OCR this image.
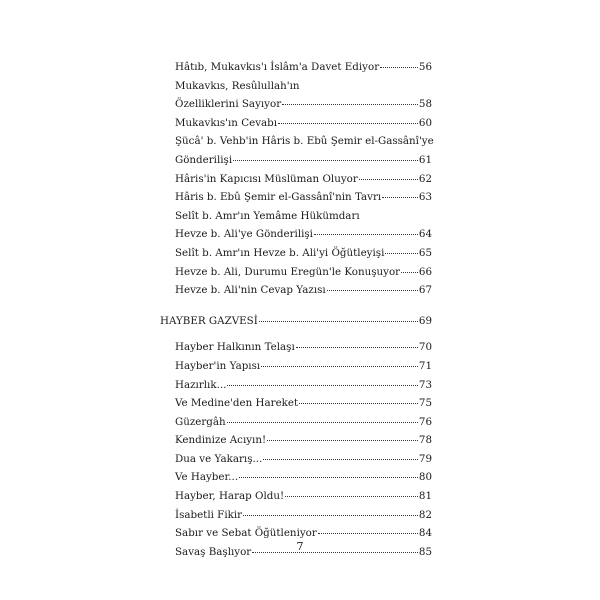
Hâtıb, Mukavkıs'ı İslâm'a Davet Ediyor	56
Mukavkıs, Resûlullah'ın
Özelliklerini Sayıyor	58
Mukavkıs'ın Cevabı	60
Şücâ' b. Vehb'in Hâris b. Ebû Şemir el-Gassânî'ye
Gönderilişi	61
Hâris'in Kapıcısı Müslüman Oluyor	62
Hâris b. Ebû Şemir el-Gassânî'nin Tavrı	63
Selît b. Amr'ın Yemâme Hükümdarı
Hevze b. Ali'ye Gönderilişi	64
Selît b. Amr'ın Hevze b. Ali'yi Öğütleyişi	65
Hevze b. Ali, Durumu Eregün'le Konuşuyor 66
Hevze b. Ali'nin Cevap Yazısı	67
HAYBER GAZVESİ	69
Hayber Halkının Telaşı	70
Hayber'in Yapısı	71
Hazırlık...	73
Ve Medine'den Hareket	75
Güzergâh	76
Kendinize Acıyın!	78
Dua ve Yakarış...	79
Ve Hayber...	80
Hayber, Harap Oldu!	81
İsabetli Fikir	82
Sabır ve Sebat Öğütleniyor	84
Savaş Başlıyor	85
7
